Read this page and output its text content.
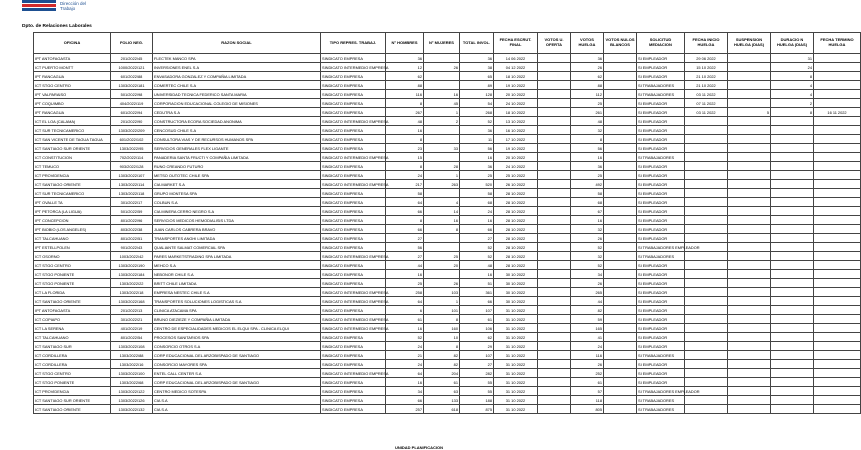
Dirección del
Trabajo
Dpto. de Relaciones Laborales
OFICINA	FOLIO NEG.	RAZON SOCIAL	TIPO REPRES. TRABAJ.	N° HOMBRES	N° MUJERES	TOTAL INVOL.	FECHA ESCRUT. FINAL	VOTOS U. OFERTA	VOTOS HUELGA	VOTOS NULOS BLANCOS	SOLICITUD MEDIACION	FECHA INICIO HUELGA	SUSPENSION HUELGA (DIAS)	DURACIO N HUELGA (DIAS)	FECHA TERMINO HUELGA
IPT ANTOFAGASTA	201/2022/45	FLECTEK MANCO SPA	SINDICATO EMPRESA	36		36	14 06 2022		36		SI EMPLEADOR	29 06 2022		31	
ICT PUERTO MONTT	1000/2022/121	INVERSIONES ENEL S.A	SINDICATO INTERMEDIO EMPRESA	12	26	38	04 12 2022		26		SI EMPLEADOR	15 10 2022		24	
IPT RANCAGUA	601/2022/88	ENVASADORA GONZALEZ Y COMPAÑIA LIMITADA	SINDICATO EMPRESA	62		65	18 10 2022		62		SI EMPLEADOR	21 10 2022		8	
ICT STGO CENTRO	1303/2022/181	COMERTEC CHILE S.A	SINDICATO EMPRESA	88		89	19 10 2022		88		SI TRABAJADORES	21 10 2022		4	
IPT VALPARAISO	501/2022/98	UNIVERSIDAD TECNICA FEDERICO SANTA MARIA	SINDICATO EMPRESA	116	16	128	20 10 2022		112		SI TRABAJADORES	03 11 2022		4	
IPT COQUIMBO	404/2022/119	CORPORACION EDUCACIONAL COLEGIO DE MISIONES	SINDICATO EMPRESA	8	45	54	24 10 2022		25		SI EMPLEADOR	07 11 2022		2	
IPT RANCAGUA	601/2022/94	CEDUTRA S.A	SINDICATO EMPRESA	267	1	268	18 10 2022		261		SI EMPLEADOR	03 11 2022	5	8	16 11 2022
ICT EL LOA (CALAMA)	201/2022/90	CONSTRUCTORA ECORA SOCIEDAD ANONIMA	SINDICATO INTERMEDIO EMPRESA	48	2	52	13 10 2022		48		SI EMPLEADOR				
ICT SUR TECNICAMERICO	1303/2022/209	CENCOSUD CHILE S.A	SINDICATO EMPRESA	16		36	16 10 2022		32		SI EMPLEADOR				
ICT SAN VICENTE DE TAGUA TAGUA	601/2022/102	CONSULTORA VIAS Y DE RECURSOS HUMANOS SPA	SINDICATO EMPRESA	8		11	17 10 2022		8		SI EMPLEADOR				
ICT SANTIAGO SUR ORIENTE	1303/2022/95	SERVICIOS GENERALES FLEX LIGANTE	SINDICATO EMPRESA	23	33	56	19 10 2022		56		SI EMPLEADOR				
ICT CONSTITUCION	702/2022/114	PANADERIA SANTA FRUCTI Y COMPAÑIA LIMITADA	SINDICATO INTERMEDIO EMPRESA	15		16	20 10 2022		16		SI TRABAJADORES				
ICT TEMUCO	903/2022/128	RUNO CREANDO FUTURO	SINDICATO EMPRESA	8	28	36	24 10 2022		36		SI EMPLEADOR				
ICT PROVIDENCIA	1303/2022/107	METSO OUTOTEC CHILE SPA	SINDICATO EMPRESA	24	1	25	25 10 2022		25		SI EMPLEADOR				
ICT SANTIAGO ORIENTE	1303/2022/114	CIA MARKET S.A	SINDICATO INTERMEDIO EMPRESA	217	263	520	26 10 2022		492		SI EMPLEADOR				
ICT SUR TECNICAMERICO	1303/2022/118	GRUPO MONTESA SPA	SINDICATO EMPRESA	58		58	28 10 2022		58		SI EMPLEADOR				
IPT OVALLE TA	301/2022/17	COLBUN S.A	SINDICATO EMPRESA	64	4	68	28 10 2022		68		SI EMPLEADOR				
IPT PETORCA (LA LIGUA)	501/2022/59	CIA MINERA CERRO NEGRO S.A	SINDICATO EMPRESA	66	14	24	28 10 2022		67		SI EMPLEADOR				
IPT CONCEPCION	801/2022/96	SERVICIOS MEDICOS HEMODIALISIS LTDA	SINDICATO EMPRESA	8	16	16	28 10 2022		16		SI EMPLEADOR				
IPT BIOBIO (LOS ANGELES)	803/2022/38	JUAN CARLOS CABRERA BRAVO	SINDICATO EMPRESA	66	8	66	28 10 2022		32		SI EMPLEADOR				
ICT TALCAHUANO	801/2022/51	TRANSPORTES ANGHI LIMITADA	SINDICATO EMPRESA	27		27	28 10 2022		26		SI EMPLEADOR				
IPT ESTELLPOLEN	901/2022/43	QUALIANTE SALMAT COMERCIAL SPA	SINDICATO EMPRESA	56		52	28 10 2022		52		SI TRABAJADORES EMPLEADOR				
ICT OSORNO	1003/2022/42	PARES MARKETSTRADING SPA LIMITADA	SINDICATO INTERMEDIO EMPRESA	27	25	52	28 10 2022		32		SI TRABAJADORES				
ICT STGO CENTRO	1303/2022/190	MEHCO S.A	SINDICATO EMPRESA	44	20	48	28 10 2022		52		SI EMPLEADOR				
ICT STGO PONIENTE	1303/2022/184	NEBONOR CHILE S.A	SINDICATO EMPRESA	16		16	30 10 2022		34		SI EMPLEADOR				
ICT STGO PONIENTE	1303/2022/22	BRITT CHILE LIMITADA	SINDICATO EMPRESA	25	26	51	30 10 2022		26		SI EMPLEADOR				
ICT LA FLORIDA	1303/2022/18	EMPRESA NESTEC CHILE S.A	SINDICATO INTERMEDIO EMPRESA	258	103	361	30 10 2022		265		SI EMPLEADOR				
ICT SANTIAGO ORIENTE	1303/2022/168	TRANSPORTES SOLUCIONES LOGISTICAS S.A	SINDICATO INTERMEDIO EMPRESA	64	1	66	30 10 2022		44		SI EMPLEADOR				
IPT ANTOFAGASTA	201/2022/13	CLINICA ATACAMA SPA	SINDICATO EMPRESA	6	101	107	31 10 2022		82		SI EMPLEADOR				
ICT COPIAPO	301/2022/21	BRUNO DIEZIEZE Y COMPAÑIA LIMITADA	SINDICATO INTERMEDIO EMPRESA	61	8	61	31 10 2022		59		SI EMPLEADOR				
ICT LA SERENA	401/2022/19	CENTRO DE ESPECIALIDADES MEDICOS EL ELQUI SPA - CLINICA ELQUI	SINDICATO INTERMEDIO EMPRESA	16	160	106	31 10 2022		165		SI EMPLEADOR				
ICT TALCAHUANO	801/2022/54	PROCESOS SANITARIOS SPA	SINDICATO EMPRESA	52	10	62	31 10 2022		41		SI EMPLEADOR				
ICT SANTIAGO SUR	1303/2022/108	CONSORCIO OTROS S.A	SINDICATO EMPRESA	24	8	29	31 10 2022		24		SI EMPLEADOR				
ICT CORDILLERA	1303/2022/88	CORP EDUCACIONAL DEL ARZOBISPADO DE SANTIAGO	SINDICATO EMPRESA	21	82	107	31 10 2022		116		SI TRABAJADORES				
ICT CORDILLERA	1303/2022/16	CONSORCIO MAYORES SPA	SINDICATO EMPRESA	24	82	27	31 10 2022		26		SI EMPLEADOR				
ICT STGO CENTRO	1303/2022/100	ENTEL CALL CENTER S.A	SINDICATO INTERMEDIO EMPRESA	64	204	282	31 10 2022		252		SI EMPLEADOR				
ICT STGO PONIENTE	1303/2022/68	CORP EDUCACIONAL DEL ARZOBISPADO DE SANTIAGO	SINDICATO EMPRESA	16	61	55	31 10 2022		61		SI EMPLEADOR				
ICT PROVIDENCIA	1303/2022/122	CENTRO MEDICO SOTESPA	SINDICATO EMPRESA	34	63	55	31 10 2022		57		SI TRABAJADORES EMPLEADOR				
ICT SANTIAGO SUR ORIENTE	1303/2022/126	CIA S.A	SINDICATO EMPRESA	66	133	188	31 10 2022		118		SI TRABAJADORES				
ICT SANTIAGO ORIENTE	1303/2022/132	CIA S.A	SINDICATO EMPRESA	257	618	875	31 10 2022		805		SI TRABAJADORES				
UNIDAD PLANIFICACION
